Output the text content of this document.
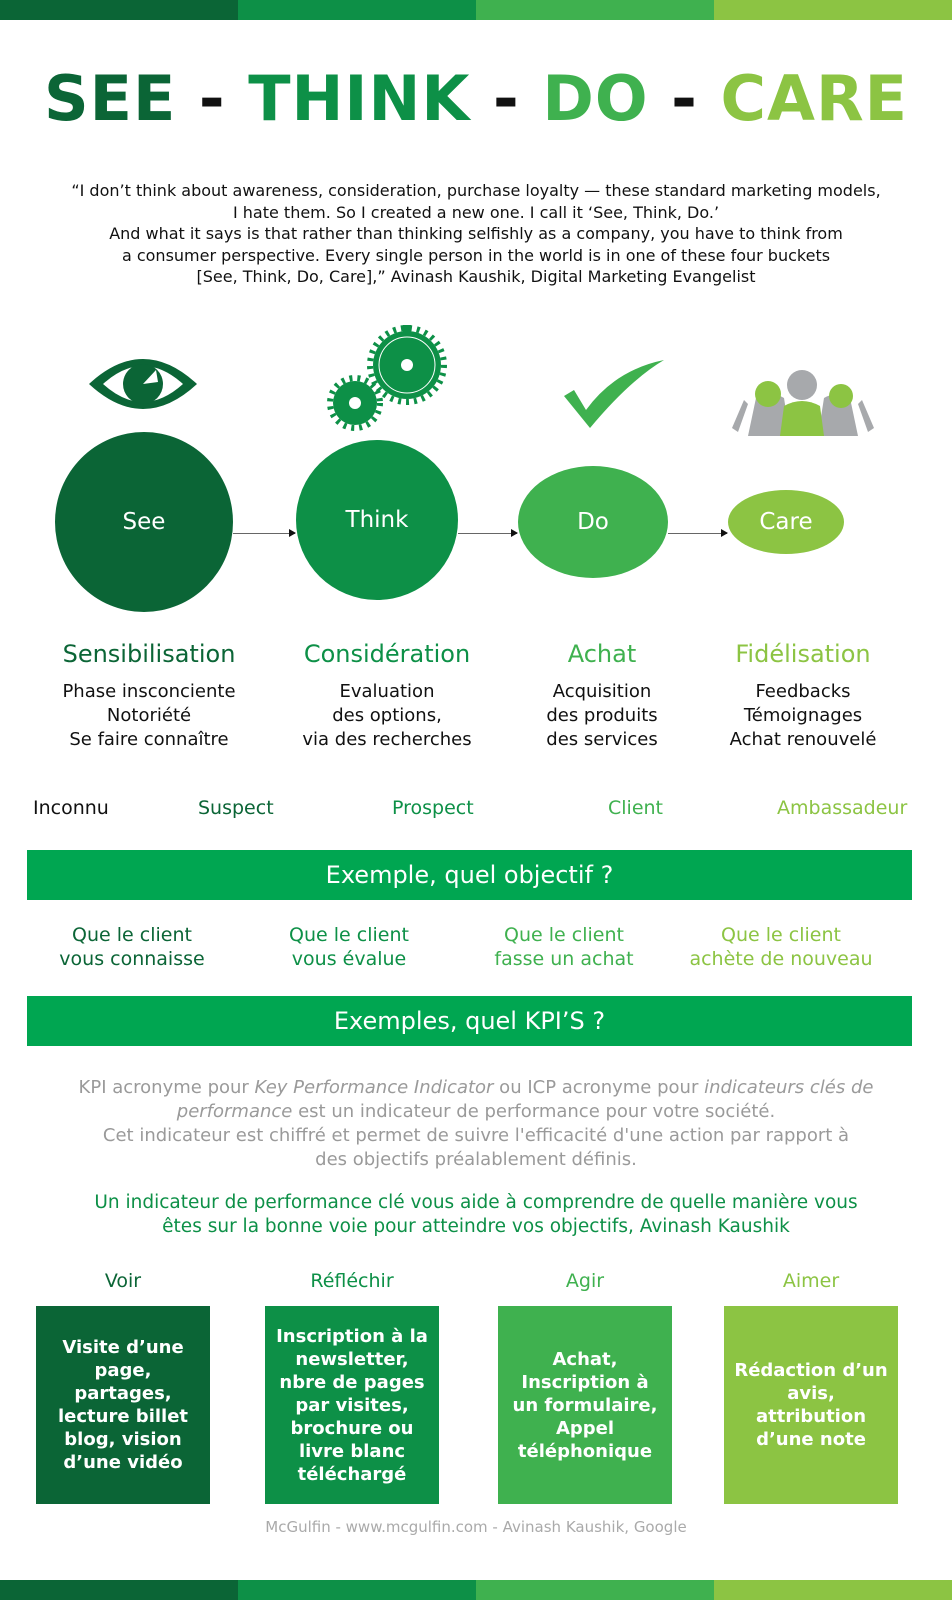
SEE - THINK - DO - CARE
“I don’t think about awareness, consideration, purchase loyalty — these standard marketing models,
I hate them. So I created a new one. I call it ‘See, Think, Do.’
And what it says is that rather than thinking selfishly as a company, you have to think from
a consumer perspective. Every single person in the world is in one of these four buckets
[See, Think, Do, Care],” Avinash Kaushik, Digital Marketing Evangelist
See	Think	Do	Care
Sensibilisation
Phase insconciente
Notoriété
Se faire connaître
Considération
Evaluation
des options,
via des recherches
Achat
Acquisition
des produits
des services
Fidélisation
Feedbacks
Témoignages
Achat renouvelé
Inconnu	Suspect	Prospect	Client	Ambassadeur
Exemple, quel objectif ?
Que le client
vous connaisse
Que le client
vous évalue
Que le client
fasse un achat
Que le client
achète de nouveau
Exemples, quel KPI’S ?
KPI acronyme pour Key Performance Indicator ou ICP acronyme pour indicateurs clés de performance est un indicateur de performance pour votre société.
Cet indicateur est chiffré et permet de suivre l'efficacité d'une action par rapport à des objectifs préalablement définis.
Un indicateur de performance clé vous aide à comprendre de quelle manière vous
êtes sur la bonne voie pour atteindre vos objectifs, Avinash Kaushik
Voir	Réfléchir	Agir	Aimer
Visite d’une page, partages, lecture billet blog, vision d’une vidéo
Inscription à la newsletter, nbre de pages par visites, brochure ou livre blanc téléchargé
Achat, Inscription à un formulaire, Appel téléphonique
Rédaction d’un avis, attribution d’une note
McGulfin - www.mcgulfin.com - Avinash Kaushik, Google
